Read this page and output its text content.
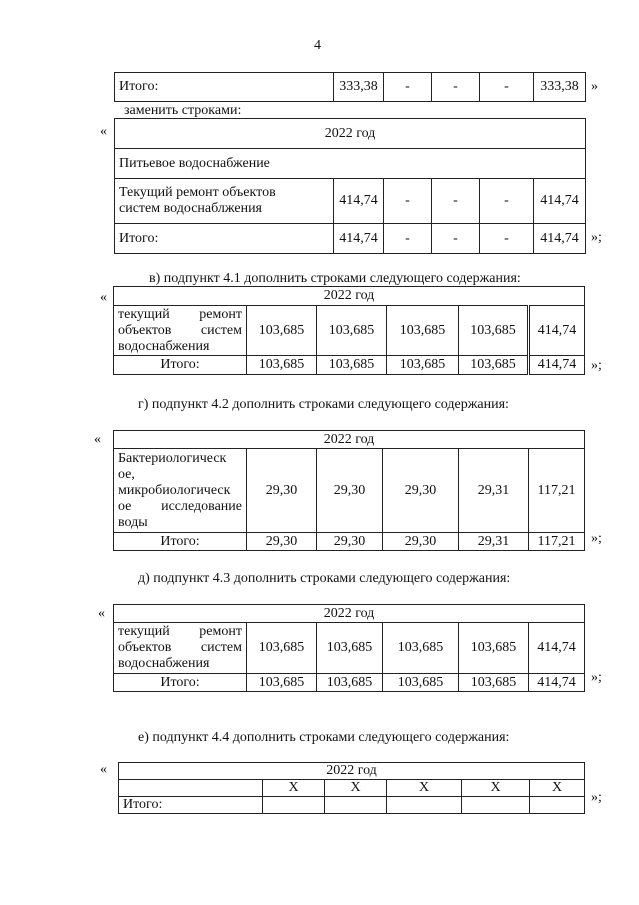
4
Итого:	333,38	-	-	-	333,38 »
заменить строками:
«	2022 год					
Питьевое водоснабжение					

Текущий ремонт объектов
систем водоснаблжения	414,74	-	-	-	414,74
Итого:	414,74	-	-	-	414,74 »;
в) подпункт 4.1 дополнить строками следующего содержания:
«	2022 год					

текущий ремонт
объектов систем
водоснабжения	103,685	103,685	103,685	103,685	414,74
Итого:	103,685	103,685	103,685	103,685	414,74 »;
г) подпункт 4.2 дополнить строками следующего содержания:
«	2022 год					

Бактериологическ
ое,
микробиологическ
ое исследование
воды	29,30	29,30	29,30	29,31	117,21
Итого:	29,30	29,30	29,30	29,31	117,21 »;
д) подпункт 4.3 дополнить строками следующего содержания:
«	2022 год					

текущий ремонт
объектов систем
водоснабжения	103,685	103,685	103,685	103,685	414,74
Итого:	103,685	103,685	103,685	103,685	414,74 »;
е) подпункт 4.4 дополнить строками следующего содержания:
«	2022 год					
	X	X	X	X	X
Итого:						»;
